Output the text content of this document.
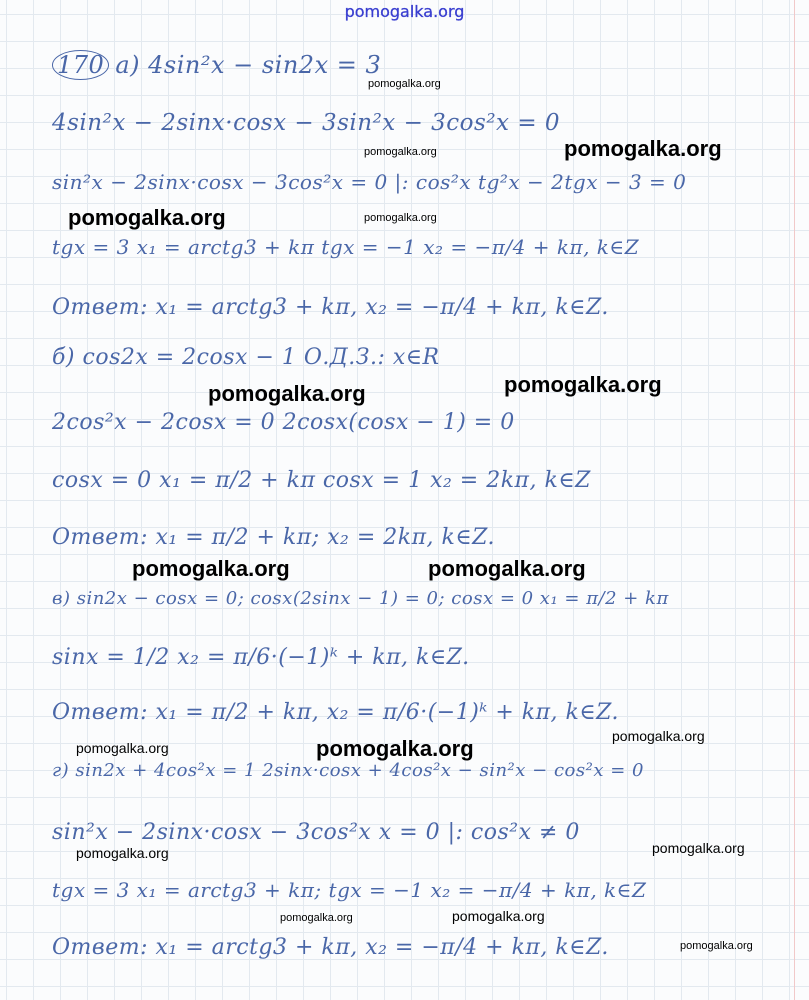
pomogalka.org
170 а) 4sin²x − sin2x = 3
4sin²x − 2sinx·cosx − 3sin²x − 3cos²x = 0
sin²x − 2sinx·cosx − 3cos²x = 0 |: cos²x tg²x − 2tgx − 3 = 0
tgx = 3 x₁ = arctg3 + kπ tgx = −1 x₂ = −π/4 + kπ, k∈Z
Ответ: x₁ = arctg3 + kπ, x₂ = −π/4 + kπ, k∈Z.
б) cos2x = 2cosx − 1 О.Д.З.: x∈R
2cos²x − 2cosx = 0 2cosx(cosx − 1) = 0
cosx = 0 x₁ = π/2 + kπ cosx = 1 x₂ = 2kπ, k∈Z
Ответ: x₁ = π/2 + kπ; x₂ = 2kπ, k∈Z.
в) sin2x − cosx = 0; cosx(2sinx − 1) = 0; cosx = 0 x₁ = π/2 + kπ
sinx = 1/2 x₂ = π/6·(−1)ᵏ + kπ, k∈Z.
Ответ: x₁ = π/2 + kπ, x₂ = π/6·(−1)ᵏ + kπ, k∈Z.
г) sin2x + 4cos²x = 1 2sinx·cosx + 4cos²x − sin²x − cos²x = 0
sin²x − 2sinx·cosx − 3cos²x x = 0 |: cos²x ≠ 0
tgx = 3 x₁ = arctg3 + kπ; tgx = −1 x₂ = −π/4 + kπ, k∈Z
Ответ: x₁ = arctg3 + kπ, x₂ = −π/4 + kπ, k∈Z.
pomogalka.org
pomogalka.org	pomogalka.org
pomogalka.org	pomogalka.org
pomogalka.org
pomogalka.org
pomogalka.org	pomogalka.org
pomogalka.org
pomogalka.org	pomogalka.org
pomogalka.org
pomogalka.org
pomogalka.org
pomogalka.org
pomogalka.org
